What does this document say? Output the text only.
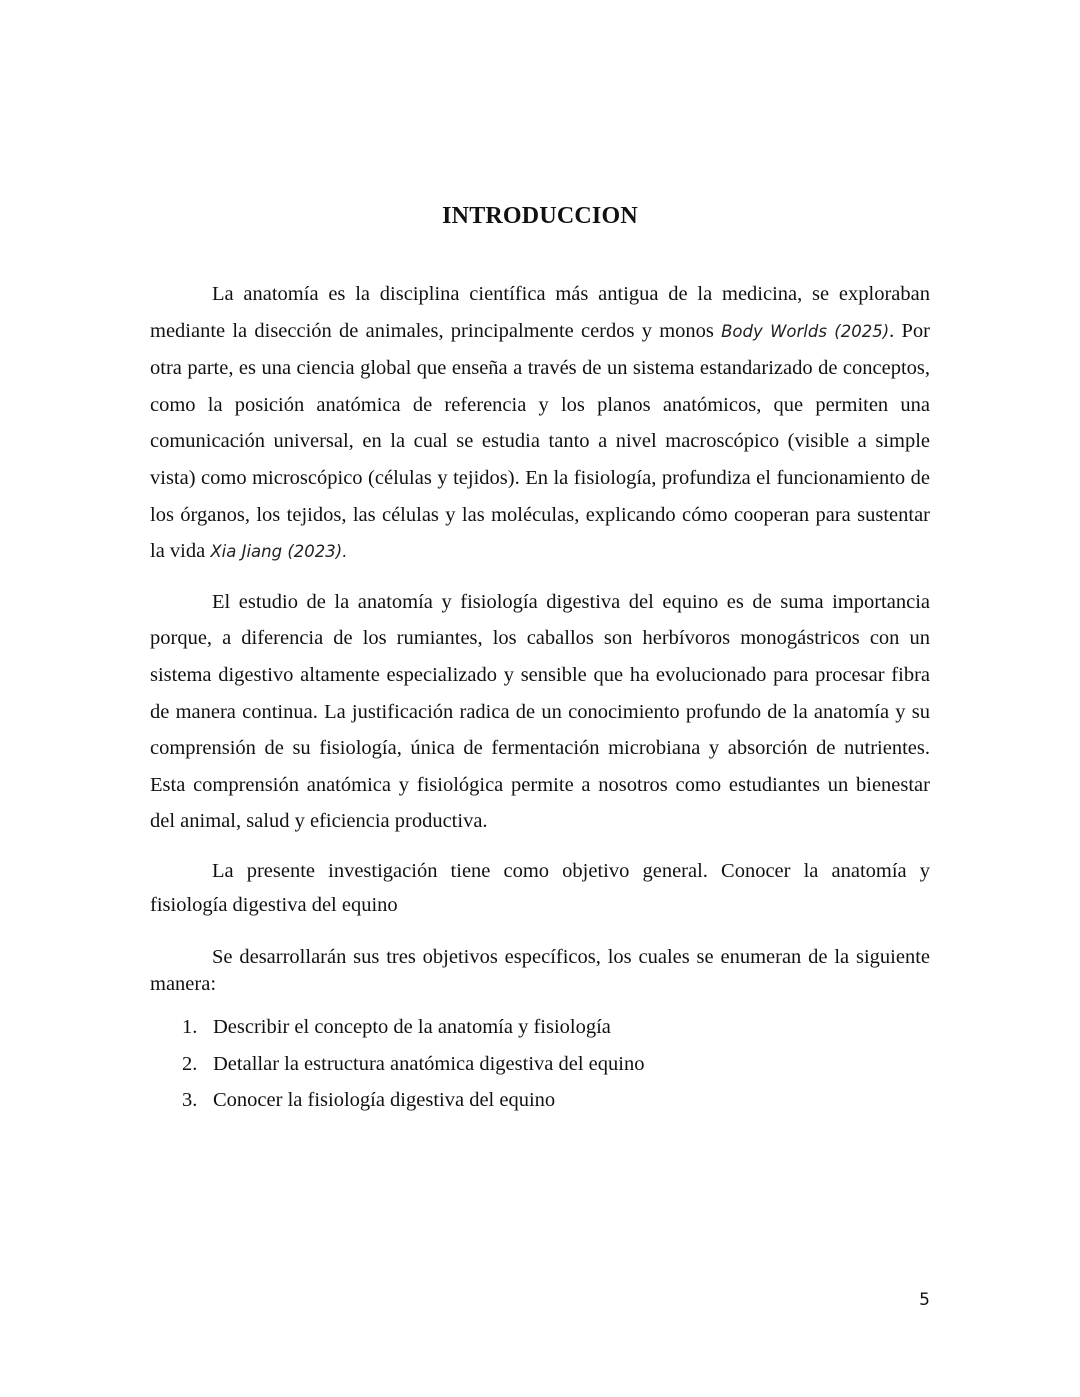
INTRODUCCION

La anatomía es la disciplina científica más antigua de la medicina, se exploraban mediante la disección de animales, principalmente cerdos y monos Body Worlds (2025). Por otra parte, es una ciencia global que enseña a través de un sistema estandarizado de conceptos, como la posición anatómica de referencia y los planos anatómicos, que permiten una comunicación universal, en la cual se estudia tanto a nivel macroscópico (visible a simple vista) como microscópico (células y tejidos). En la fisiología, profundiza el funcionamiento de los órganos, los tejidos, las células y las moléculas, explicando cómo cooperan para sustentar la vida Xia Jiang (2023).

El estudio de la anatomía y fisiología digestiva del equino es de suma importancia porque, a diferencia de los rumiantes, los caballos son herbívoros monogástricos con un sistema digestivo altamente especializado y sensible que ha evolucionado para procesar fibra de manera continua. La justificación radica de un conocimiento profundo de la anatomía y su comprensión de su fisiología, única de fermentación microbiana y absorción de nutrientes. Esta comprensión anatómica y fisiológica permite a nosotros como estudiantes un bienestar del animal, salud y eficiencia productiva.

La presente investigación tiene como objetivo general. Conocer la anatomía y fisiología digestiva del equino

Se desarrollarán sus tres objetivos específicos, los cuales se enumeran de la siguiente manera:

1. Describir el concepto de la anatomía y fisiología
2. Detallar la estructura anatómica digestiva del equino
3. Conocer la fisiología digestiva del equino
5
